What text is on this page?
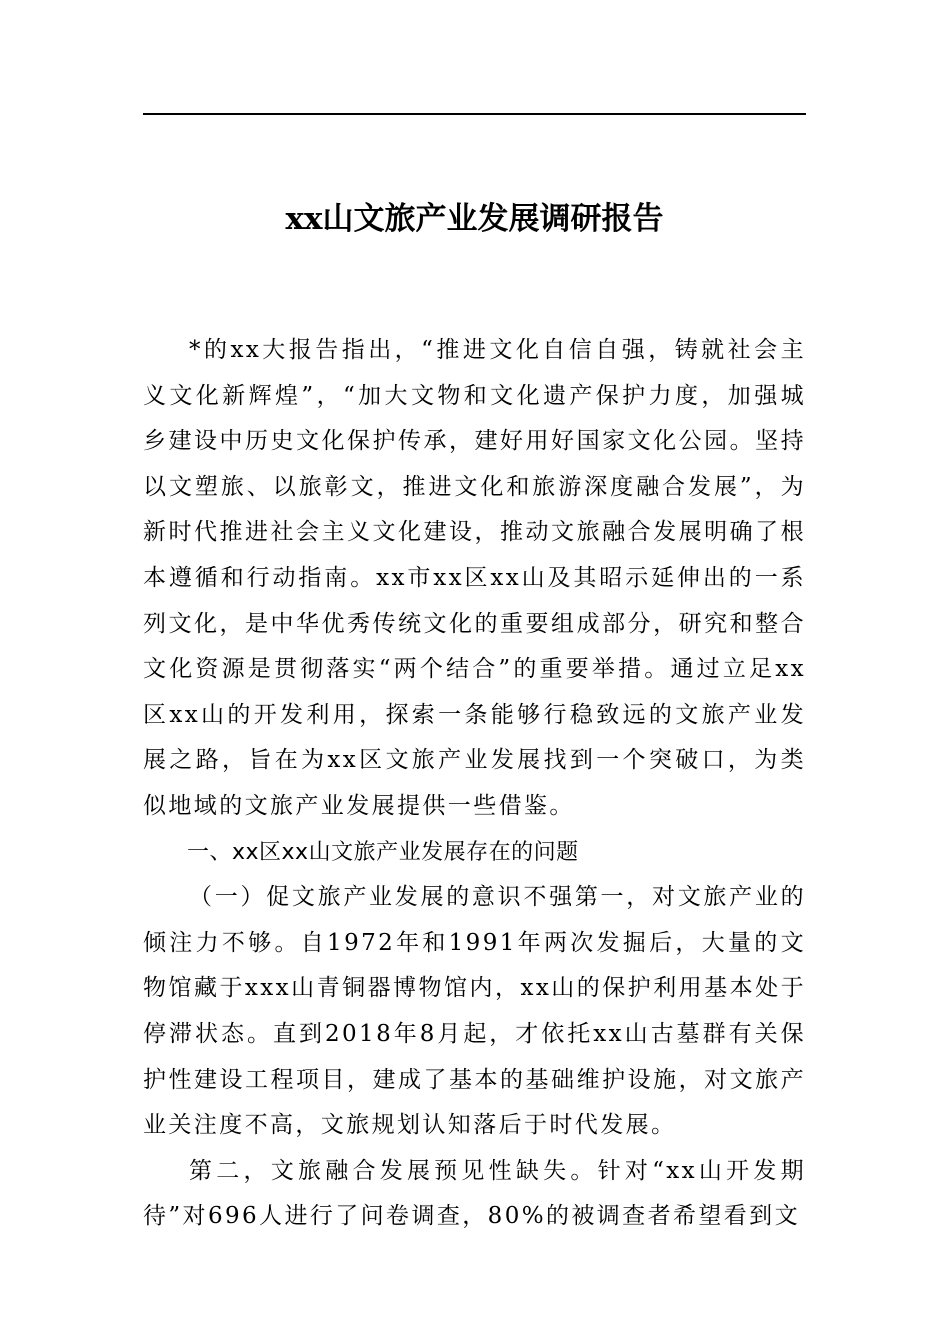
xx山文旅产业发展调研报告

*的xx大报告指出，“推进文化自信自强，铸就社会主义文化新辉煌”，“加大文物和文化遗产保护力度，加强城乡建设中历史文化保护传承，建好用好国家文化公园。坚持以文塑旅、以旅彰文，推进文化和旅游深度融合发展”，为新时代推进社会主义文化建设，推动文旅融合发展明确了根本遵循和行动指南。xx市xx区xx山及其昭示延伸出的一系列文化，是中华优秀传统文化的重要组成部分，研究和整合文化资源是贯彻落实“两个结合”的重要举措。通过立足xx区xx山的开发利用，探索一条能够行稳致远的文旅产业发展之路，旨在为xx区文旅产业发展找到一个突破口，为类似地域的文旅产业发展提供一些借鉴。

一、xx区xx山文旅产业发展存在的问题

（一）促文旅产业发展的意识不强第一，对文旅产业的倾注力不够。自1972年和1991年两次发掘后，大量的文物馆藏于xxx山青铜器博物馆内，xx山的保护利用基本处于停滞状态。直到2018年8月起，才依托xx山古墓群有关保护性建设工程项目，建成了基本的基础维护设施，对文旅产业关注度不高，文旅规划认知落后于时代发展。

第二，文旅融合发展预见性缺失。针对“xx山开发期待”对696人进行了问卷调查，80%的被调查者希望看到文
